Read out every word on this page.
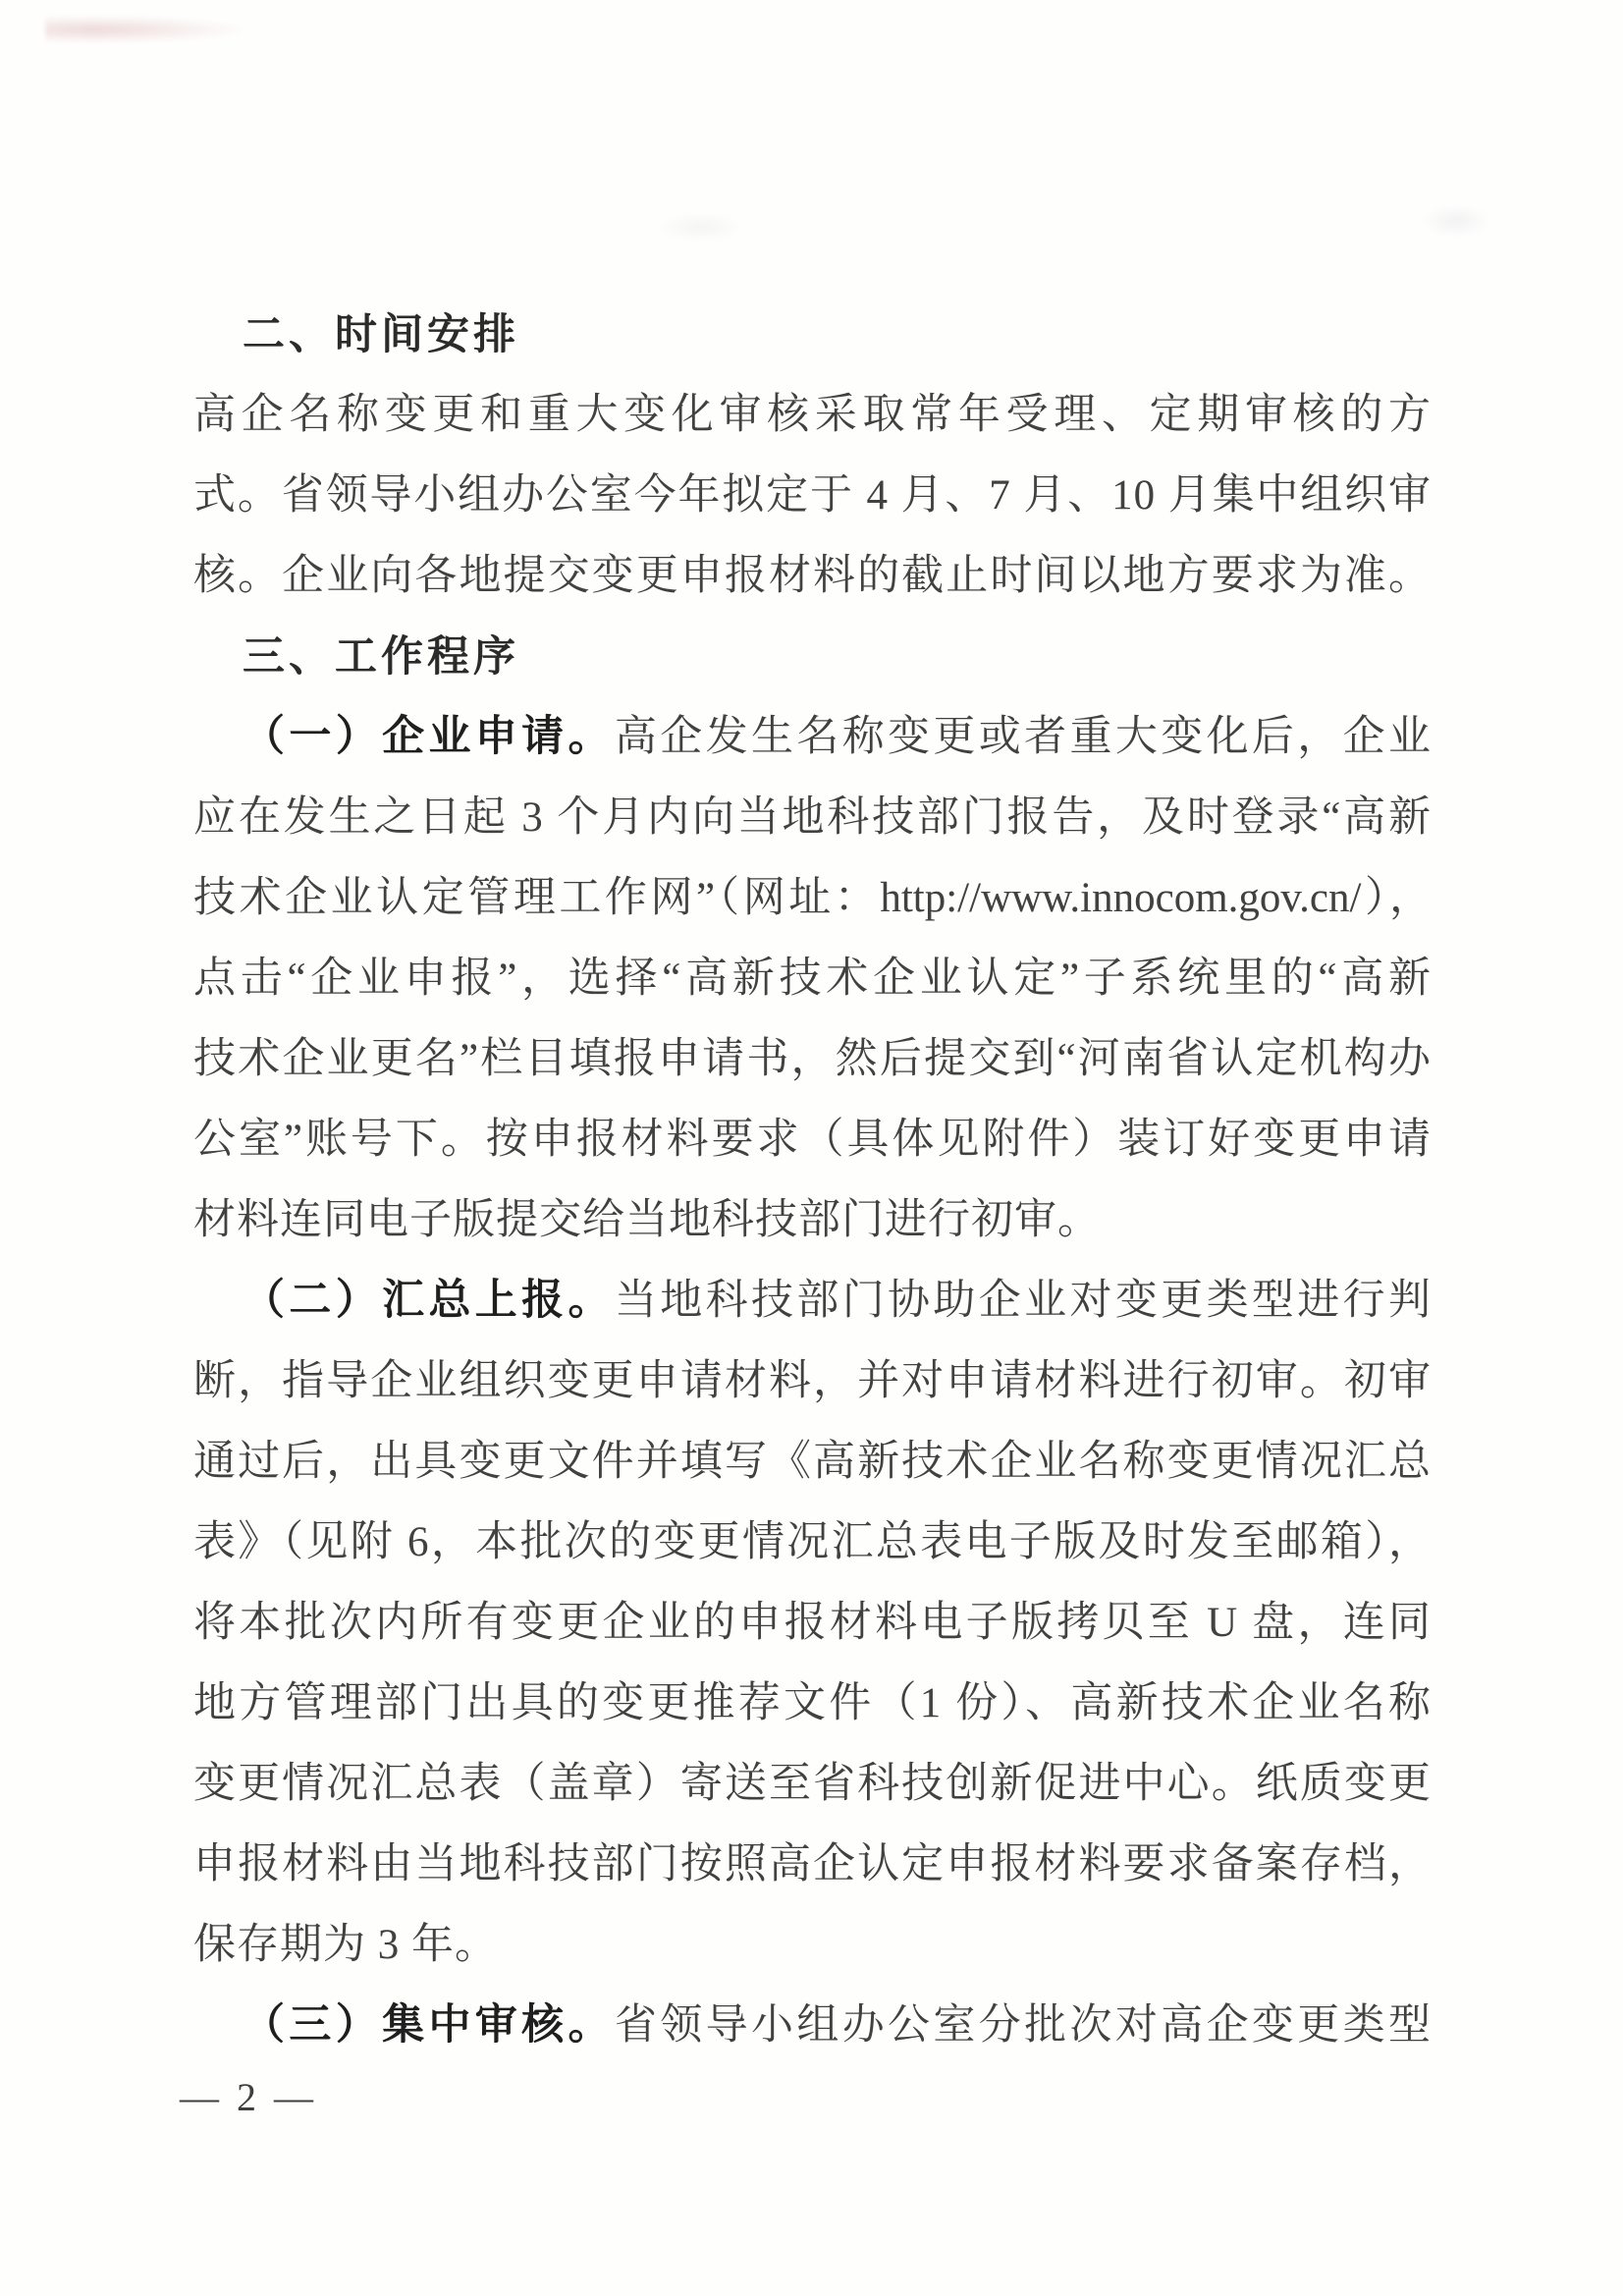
二、时间安排
高企名称变更和重大变化审核采取常年受理、定期审核的方
式。省领导小组办公室今年拟定于 4 月、7 月、10 月集中组织审
核。企业向各地提交变更申报材料的截止时间以地方要求为准。
三、工作程序
（一）企业申请。高企发生名称变更或者重大变化后，企业
应在发生之日起 3 个月内向当地科技部门报告，及时登录“高新
技术企业认定管理工作网”（网址：http://www.innocom.gov.cn/），
点击“企业申报”，选择“高新技术企业认定”子系统里的“高新
技术企业更名”栏目填报申请书，然后提交到“河南省认定机构办
公室”账号下。按申报材料要求（具体见附件）装订好变更申请
材料连同电子版提交给当地科技部门进行初审。
（二）汇总上报。当地科技部门协助企业对变更类型进行判
断，指导企业组织变更申请材料，并对申请材料进行初审。初审
通过后，出具变更文件并填写《高新技术企业名称变更情况汇总
表》（见附 6，本批次的变更情况汇总表电子版及时发至邮箱），
将本批次内所有变更企业的申报材料电子版拷贝至 U 盘，连同
地方管理部门出具的变更推荐文件（1 份）、高新技术企业名称
变更情况汇总表（盖章）寄送至省科技创新促进中心。纸质变更
申报材料由当地科技部门按照高企认定申报材料要求备案存档，
保存期为 3 年。
（三）集中审核。省领导小组办公室分批次对高企变更类型
— 2 —
